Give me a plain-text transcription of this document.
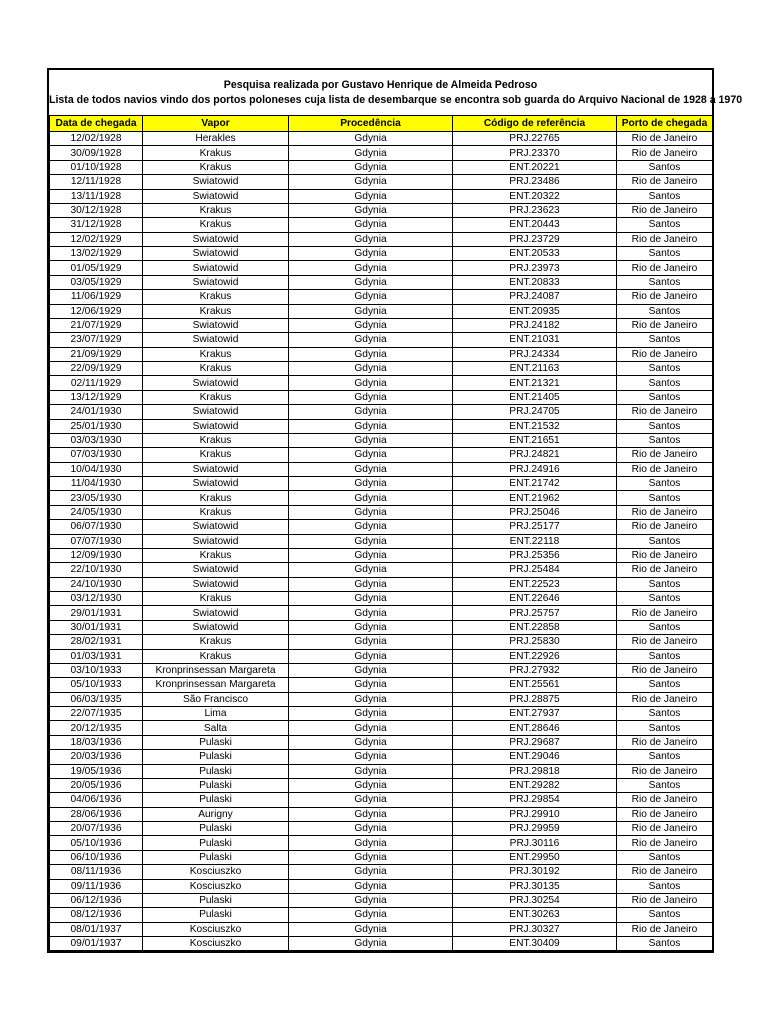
Pesquisa realizada por Gustavo Henrique de Almeida Pedroso
Lista de todos navios vindo dos portos poloneses cuja lista de desembarque se encontra sob guarda do Arquivo Nacional de 1928 a 1970
Data de chegada	Vapor	Procedência	Código de referência	Porto de chegada
12/02/1928	Herakles	Gdynia	PRJ.22765	Rio de Janeiro
30/09/1928	Krakus	Gdynia	PRJ.23370	Rio de Janeiro
01/10/1928	Krakus	Gdynia	ENT.20221	Santos
12/11/1928	Swiatowid	Gdynia	PRJ.23486	Rio de Janeiro
13/11/1928	Swiatowid	Gdynia	ENT.20322	Santos
30/12/1928	Krakus	Gdynia	PRJ.23623	Rio de Janeiro
31/12/1928	Krakus	Gdynia	ENT.20443	Santos
12/02/1929	Swiatowid	Gdynia	PRJ.23729	Rio de Janeiro
13/02/1929	Swiatowid	Gdynia	ENT.20533	Santos
01/05/1929	Swiatowid	Gdynia	PRJ.23973	Rio de Janeiro
03/05/1929	Swiatowid	Gdynia	ENT.20833	Santos
11/06/1929	Krakus	Gdynia	PRJ.24087	Rio de Janeiro
12/06/1929	Krakus	Gdynia	ENT.20935	Santos
21/07/1929	Swiatowid	Gdynia	PRJ.24182	Rio de Janeiro
23/07/1929	Swiatowid	Gdynia	ENT.21031	Santos
21/09/1929	Krakus	Gdynia	PRJ.24334	Rio de Janeiro
22/09/1929	Krakus	Gdynia	ENT.21163	Santos
02/11/1929	Swiatowid	Gdynia	ENT.21321	Santos
13/12/1929	Krakus	Gdynia	ENT.21405	Santos
24/01/1930	Swiatowid	Gdynia	PRJ.24705	Rio de Janeiro
25/01/1930	Swiatowid	Gdynia	ENT.21532	Santos
03/03/1930	Krakus	Gdynia	ENT.21651	Santos
07/03/1930	Krakus	Gdynia	PRJ.24821	Rio de Janeiro
10/04/1930	Swiatowid	Gdynia	PRJ.24916	Rio de Janeiro
11/04/1930	Swiatowid	Gdynia	ENT.21742	Santos
23/05/1930	Krakus	Gdynia	ENT.21962	Santos
24/05/1930	Krakus	Gdynia	PRJ.25046	Rio de Janeiro
06/07/1930	Swiatowid	Gdynia	PRJ.25177	Rio de Janeiro
07/07/1930	Swiatowid	Gdynia	ENT.22118	Santos
12/09/1930	Krakus	Gdynia	PRJ.25356	Rio de Janeiro
22/10/1930	Swiatowid	Gdynia	PRJ.25484	Rio de Janeiro
24/10/1930	Swiatowid	Gdynia	ENT.22523	Santos
03/12/1930	Krakus	Gdynia	ENT.22646	Santos
29/01/1931	Swiatowid	Gdynia	PRJ.25757	Rio de Janeiro
30/01/1931	Swiatowid	Gdynia	ENT.22858	Santos
28/02/1931	Krakus	Gdynia	PRJ.25830	Rio de Janeiro
01/03/1931	Krakus	Gdynia	ENT.22926	Santos
03/10/1933	Kronprinsessan Margareta	Gdynia	PRJ.27932	Rio de Janeiro
05/10/1933	Kronprinsessan Margareta	Gdynia	ENT.25561	Santos
06/03/1935	São Francisco	Gdynia	PRJ.28875	Rio de Janeiro
22/07/1935	Lima	Gdynia	ENT.27937	Santos
20/12/1935	Salta	Gdynia	ENT.28646	Santos
18/03/1936	Pulaski	Gdynia	PRJ.29687	Rio de Janeiro
20/03/1936	Pulaski	Gdynia	ENT.29046	Santos
19/05/1936	Pulaski	Gdynia	PRJ.29818	Rio de Janeiro
20/05/1936	Pulaski	Gdynia	ENT.29282	Santos
04/06/1936	Pulaski	Gdynia	PRJ.29854	Rio de Janeiro
28/06/1936	Aurigny	Gdynia	PRJ.29910	Rio de Janeiro
20/07/1936	Pulaski	Gdynia	PRJ.29959	Rio de Janeiro
05/10/1936	Pulaski	Gdynia	PRJ.30116	Rio de Janeiro
06/10/1936	Pulaski	Gdynia	ENT.29950	Santos
08/11/1936	Kosciuszko	Gdynia	PRJ.30192	Rio de Janeiro
09/11/1936	Kosciuszko	Gdynia	PRJ.30135	Santos
06/12/1936	Pulaski	Gdynia	PRJ.30254	Rio de Janeiro
08/12/1936	Pulaski	Gdynia	ENT.30263	Santos
08/01/1937	Kosciuszko	Gdynia	PRJ.30327	Rio de Janeiro
09/01/1937	Kosciuszko	Gdynia	ENT.30409	Santos
